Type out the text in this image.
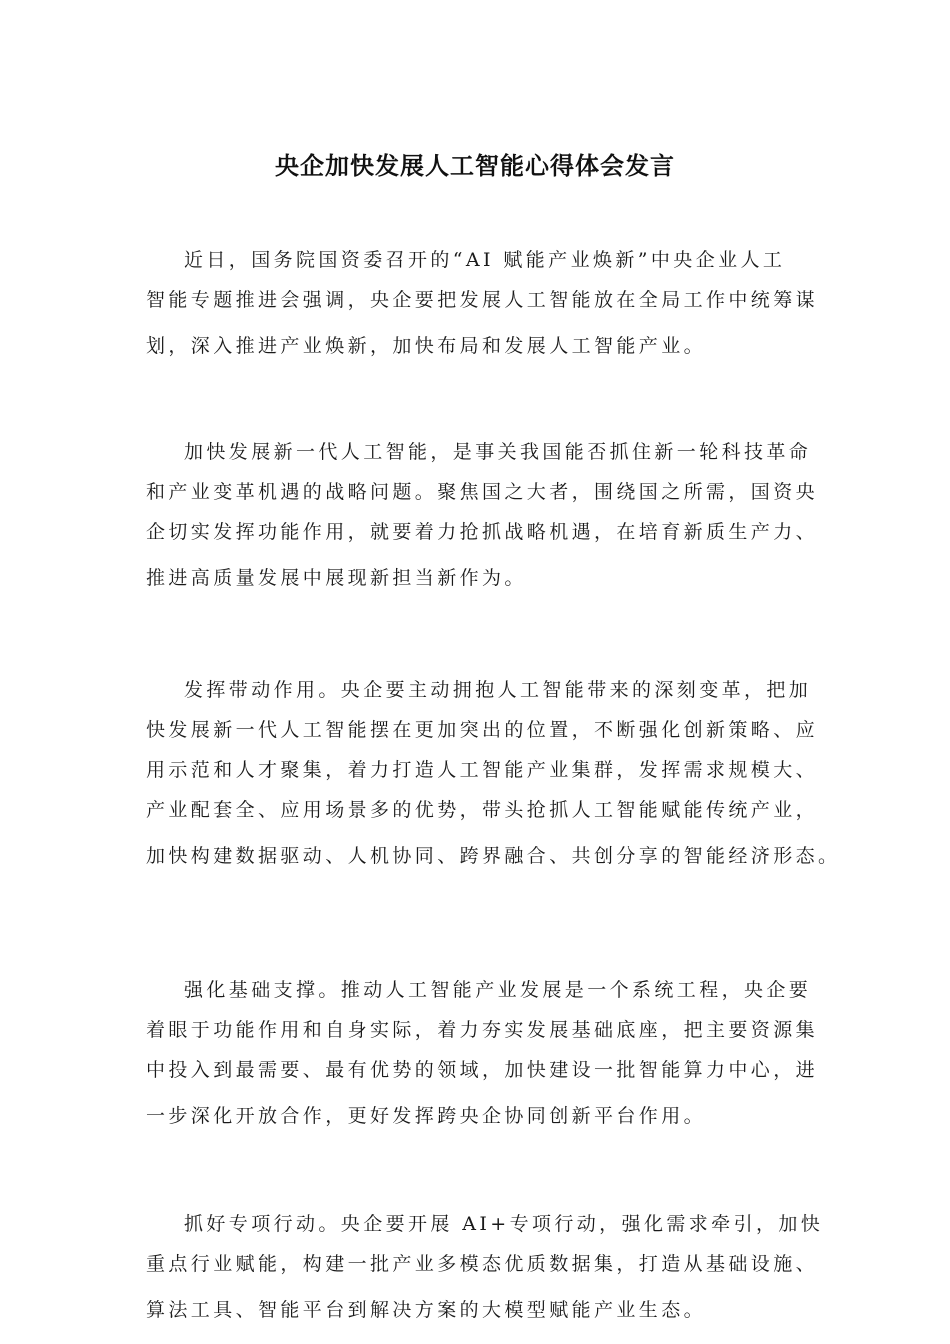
央企加快发展人工智能心得体会发言
近日，国务院国资委召开的“AI 赋能产业焕新”中央企业人工
智能专题推进会强调，央企要把发展人工智能放在全局工作中统筹谋
划，深入推进产业焕新，加快布局和发展人工智能产业。
加快发展新一代人工智能，是事关我国能否抓住新一轮科技革命
和产业变革机遇的战略问题。聚焦国之大者，围绕国之所需，国资央
企切实发挥功能作用，就要着力抢抓战略机遇，在培育新质生产力、
推进高质量发展中展现新担当新作为。
发挥带动作用。央企要主动拥抱人工智能带来的深刻变革，把加
快发展新一代人工智能摆在更加突出的位置，不断强化创新策略、应
用示范和人才聚集，着力打造人工智能产业集群，发挥需求规模大、
产业配套全、应用场景多的优势，带头抢抓人工智能赋能传统产业，
加快构建数据驱动、人机协同、跨界融合、共创分享的智能经济形态。
强化基础支撑。推动人工智能产业发展是一个系统工程，央企要
着眼于功能作用和自身实际，着力夯实发展基础底座，把主要资源集
中投入到最需要、最有优势的领域，加快建设一批智能算力中心，进
一步深化开放合作，更好发挥跨央企协同创新平台作用。
抓好专项行动。央企要开展 AI+专项行动，强化需求牵引，加快
重点行业赋能，构建一批产业多模态优质数据集，打造从基础设施、
算法工具、智能平台到解决方案的大模型赋能产业生态。
